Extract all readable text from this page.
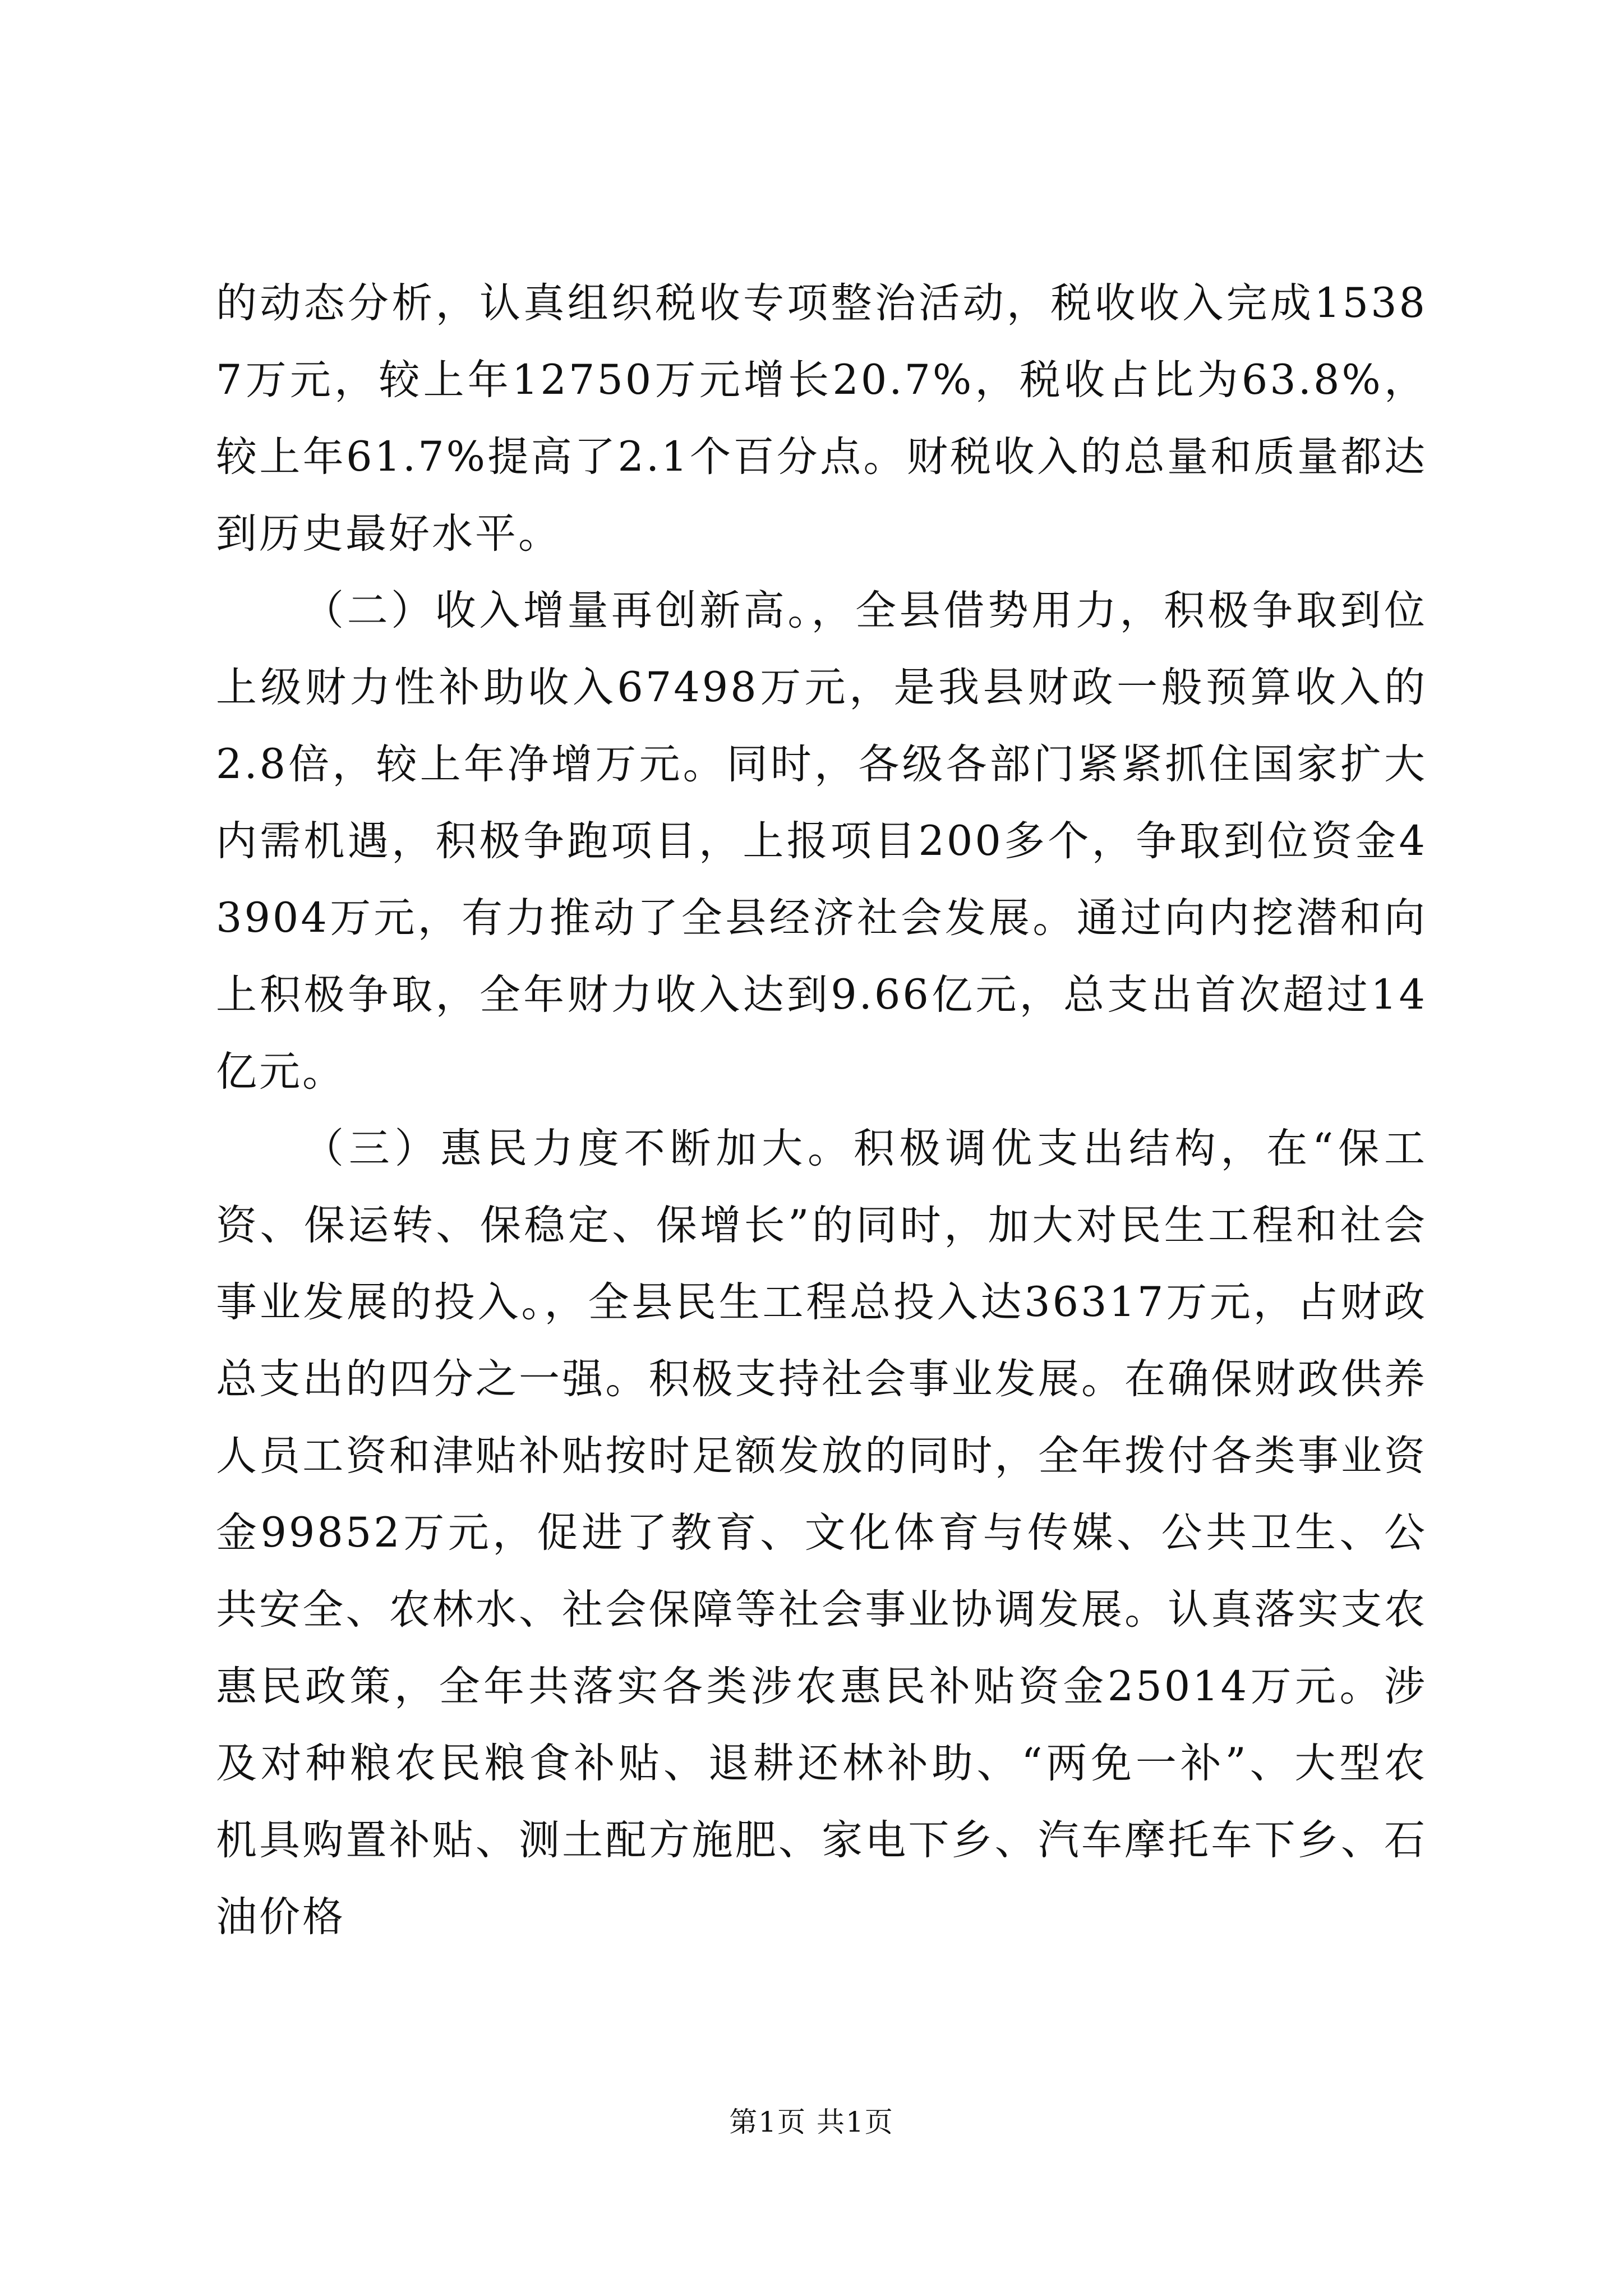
的动态分析，认真组织税收专项整治活动，税收收入完成15387万元，较上年12750万元增长20.7%，税收占比为63.8%，较上年61.7%提高了2.1个百分点。财税收入的总量和质量都达到历史最好水平。

（二）收入增量再创新高。，全县借势用力，积极争取到位上级财力性补助收入67498万元，是我县财政一般预算收入的2.8倍，较上年净增万元。同时，各级各部门紧紧抓住国家扩大内需机遇，积极争跑项目，上报项目200多个，争取到位资金43904万元，有力推动了全县经济社会发展。通过向内挖潜和向上积极争取，全年财力收入达到9.66亿元，总支出首次超过14亿元。

（三）惠民力度不断加大。积极调优支出结构，在“保工资、保运转、保稳定、保增长”的同时，加大对民生工程和社会事业发展的投入。，全县民生工程总投入达36317万元，占财政总支出的四分之一强。积极支持社会事业发展。在确保财政供养人员工资和津贴补贴按时足额发放的同时，全年拨付各类事业资金99852万元，促进了教育、文化体育与传媒、公共卫生、公共安全、农林水、社会保障等社会事业协调发展。认真落实支农惠民政策，全年共落实各类涉农惠民补贴资金25014万元。涉及对种粮农民粮食补贴、退耕还林补助、“两免一补”、大型农机具购置补贴、测土配方施肥、家电下乡、汽车摩托车下乡、石油价格

第1页 共1页
